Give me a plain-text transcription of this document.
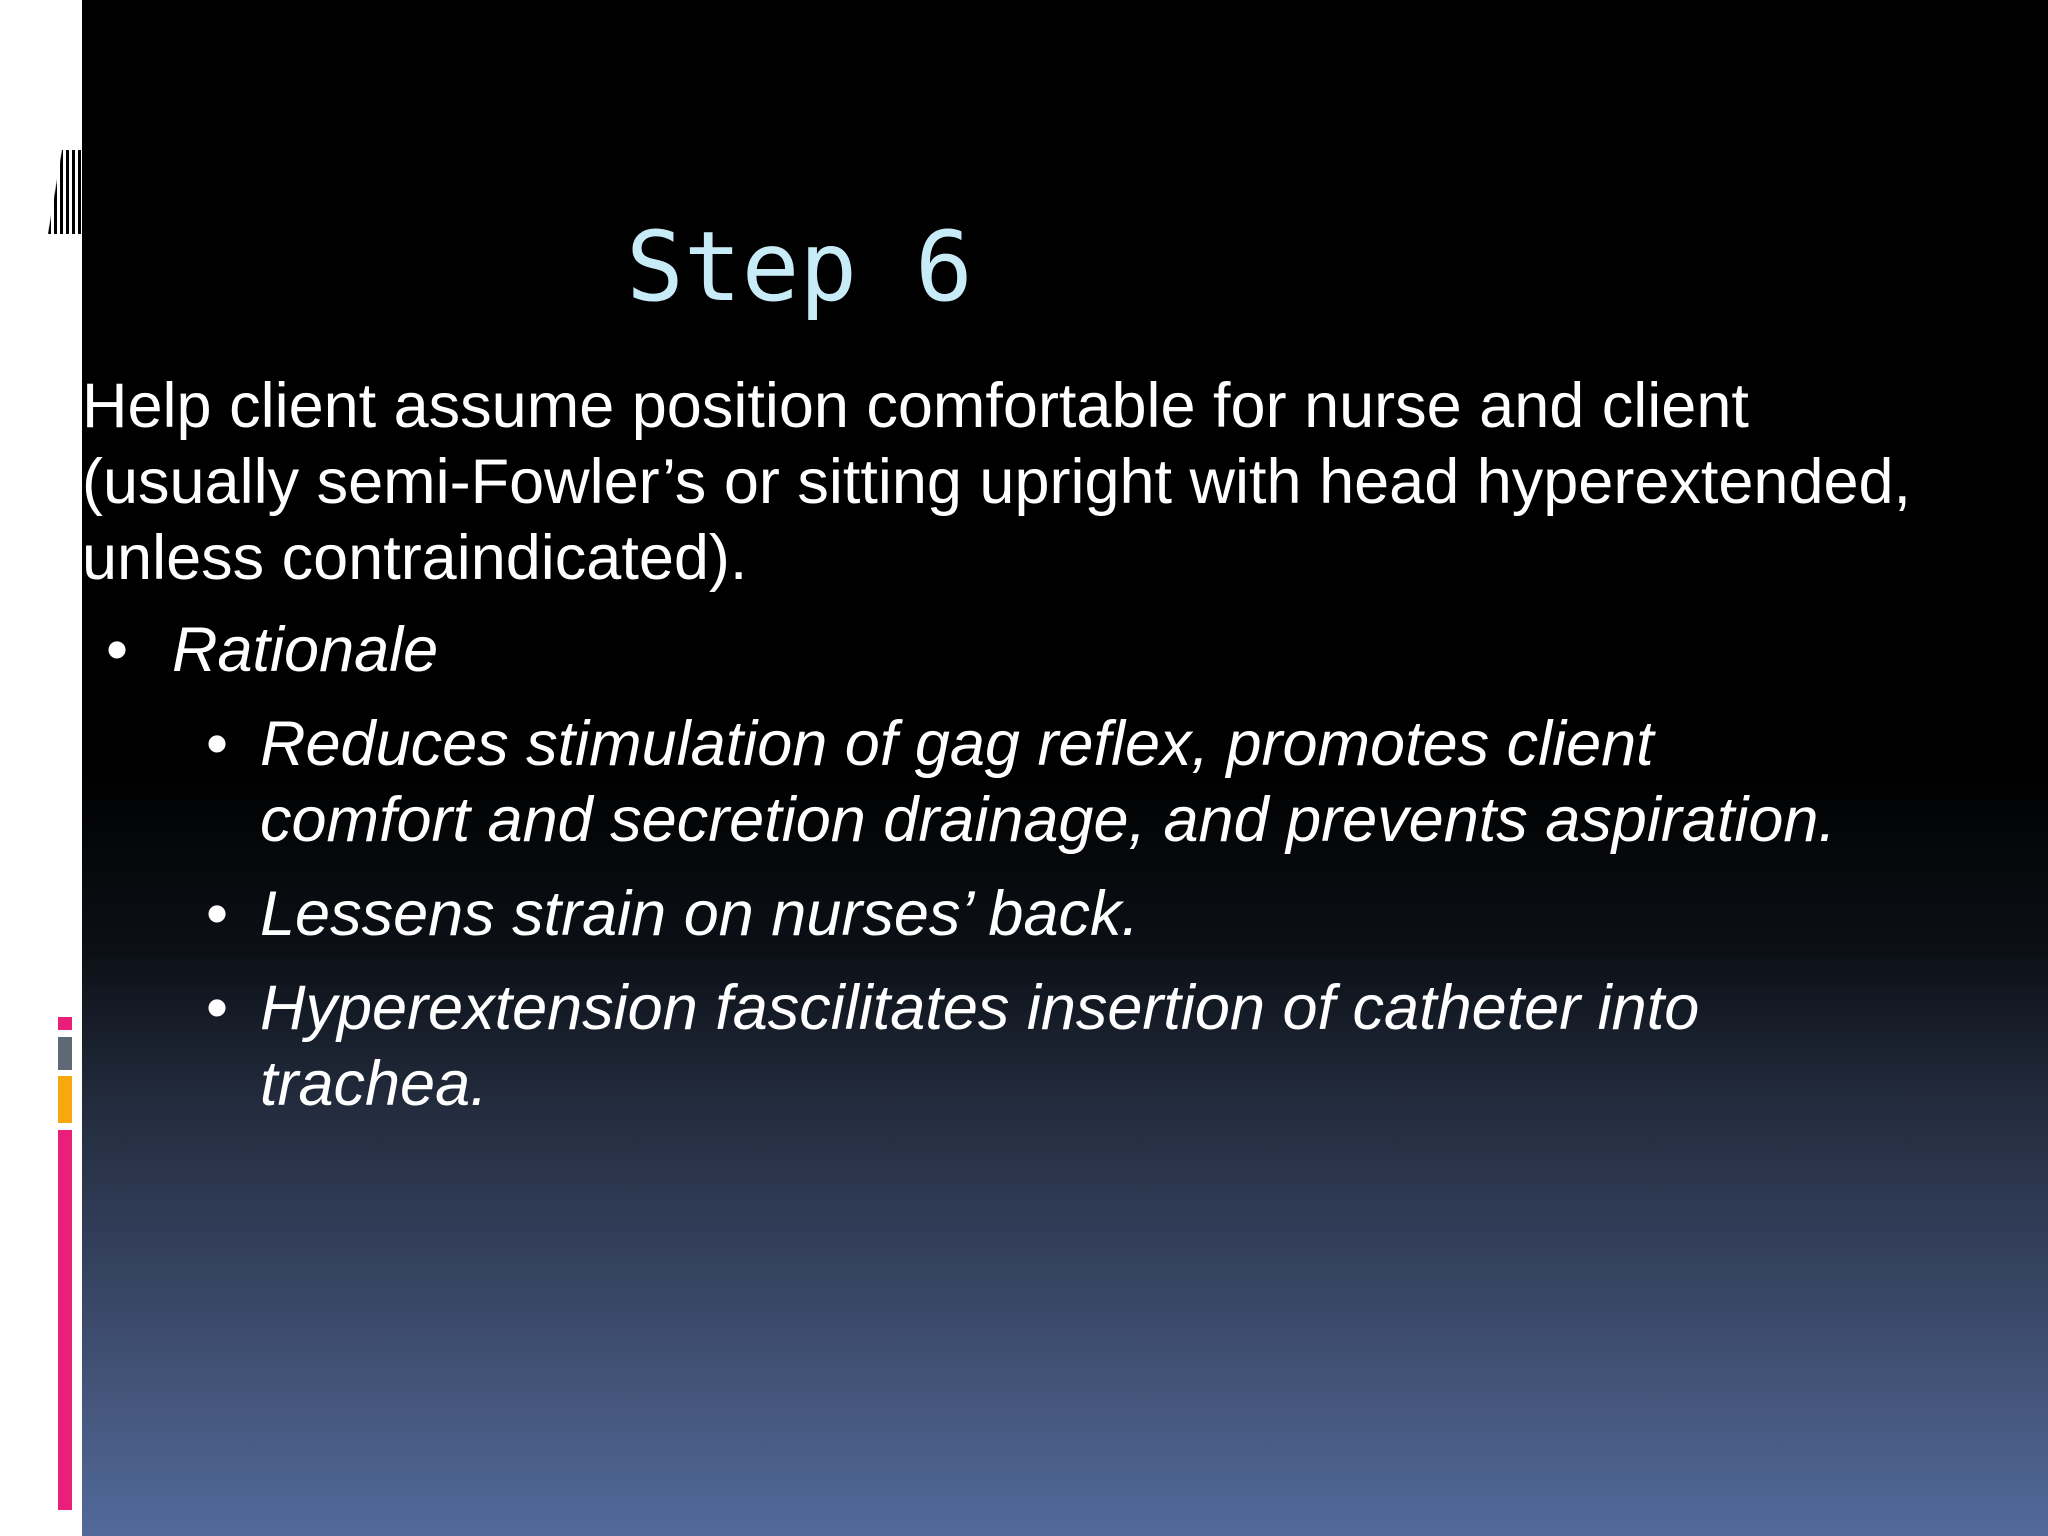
Step 6
Help client assume position comfortable for nurse and client (usually semi-Fowler’s or sitting upright with head hyperextended, unless contraindicated).
• Rationale
• Reduces stimulation of gag reflex, promotes client comfort and secretion drainage, and prevents aspiration.
• Lessens strain on nurses’ back.
• Hyperextension fascilitates insertion of catheter into trachea.
